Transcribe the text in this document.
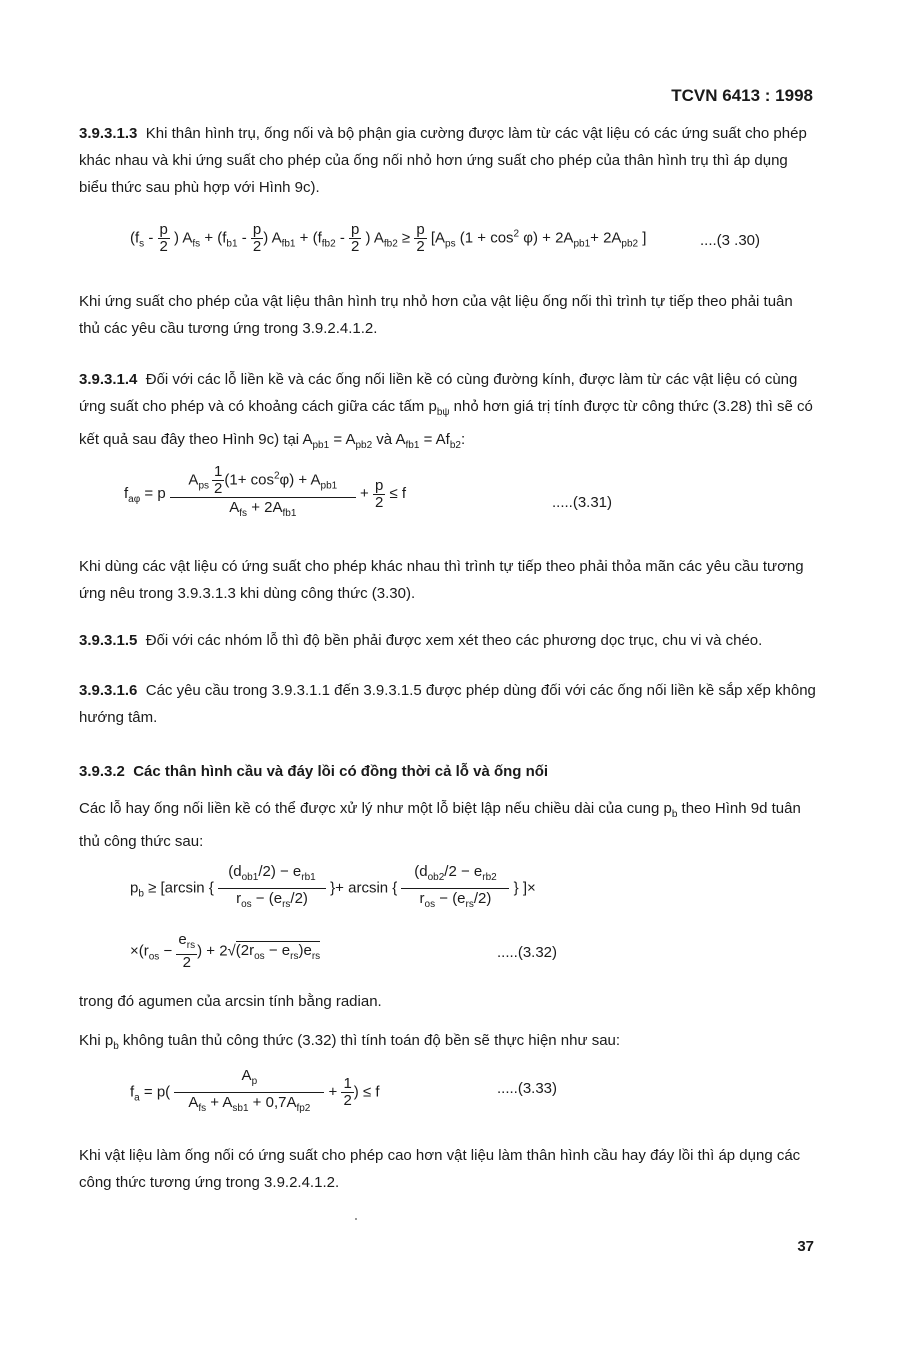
TCVN 6413 : 1998
3.9.3.1.3 Khi thân hình trụ, ống nối và bộ phận gia cường được làm từ các vật liệu có các ứng suất cho phép khác nhau và khi ứng suất cho phép của ống nối nhỏ hơn ứng suất cho phép của thân hình trụ thì áp dụng biểu thức sau phù hợp với Hình 9c).
($f_s - \frac{p}{2}$ ) $A_{fs} + (f_{b1} - \frac{p}{2}$ ) $A_{fb1} + (f_{fb2} - \frac{p}{2}$ ) $A_{fb2} \ge \frac{p}{2} [A_{ps}$ $(1 + \cos^2 \varphi) + 2A_{pb1}+ 2A_{pb2}$ ]	....(3 .30)
Khi ứng suất cho phép của vật liệu thân hình trụ nhỏ hơn của vật liệu ống nối thì trình tự tiếp theo phải tuân thủ các yêu cầu tương ứng trong 3.9.2.4.1.2.
3.9.3.1.4 Đối với các lỗ liền kề và các ống nối liền kề có cùng đường kính, được làm từ các vật liệu có cùng ứng suất cho phép và có khoảng cách giữa các tấm $p_{b\psi}$ nhỏ hơn giá trị tính được từ công thức (3.28) thì sẽ có kết quả sau đây theo Hình 9c) tại $A_{pb1} = A_{pb2}$ và $A_{fb1} = Af_{b2}$:
$f_{a\varphi} = p \frac{A_{ps} \frac{1}{2} (1+ \cos^2\varphi) + A_{pb1}}{A_{fs} + 2A_{fb1}} + \frac{p}{2} \le f$
.....(3.31)
Khi dùng các vật liệu có ứng suất cho phép khác nhau thì trình tự tiếp theo phải thỏa mãn các yêu cầu tương ứng nêu trong 3.9.3.1.3 khi dùng công thức (3.30).
3.9.3.1.5 Đối với các nhóm lỗ thì độ bền phải được xem xét theo các phương dọc trục, chu vi và chéo.
3.9.3.1.6 Các yêu cầu trong 3.9.3.1.1 đến 3.9.3.1.5 được phép dùng đối với các ống nối liền kề sắp xếp không hướng tâm.
3.9.3.2 Các thân hình cầu và đáy lồi có đồng thời cả lỗ và ống nối
Các lỗ hay ống nối liền kề có thể được xử lý như một lỗ biệt lập nếu chiều dài của cung $p_b$ theo Hình 9d tuân thủ công thức sau:
$p_b \ge [\arcsin$ { $\frac{(d_{ob1}/2) - e_{rb1}}{r_{os} - (e_{rs}/2)}$ }+ arcsin { $\frac{(d_{ob2}/2 - e_{rb2}}{r_{os} - (e_{rs}/2)}$ } ]×
$\times(r_{os} - \frac{e_{rs}}{2}$ ) + $2√(2r_{os} - e_{rs})e_{rs}$	.....(3.32)
trong đó agumen của arcsin tính bằng radian.
Khi $p_b$ không tuân thủ công thức (3.32) thì tính toán độ bền sẽ thực hiện như sau:
$f_a = p( \frac{A_p}{A_{fs} + A_{sb1} + 0,7A_{fp2}} + \frac{1}{2}$ ) ≤ f	.....(3.33)
Khi vật liệu làm ống nối có ứng suất cho phép cao hơn vật liệu làm thân hình cầu hay đáy lồi thì áp dụng các công thức tương ứng trong 3.9.2.4.1.2.
37
